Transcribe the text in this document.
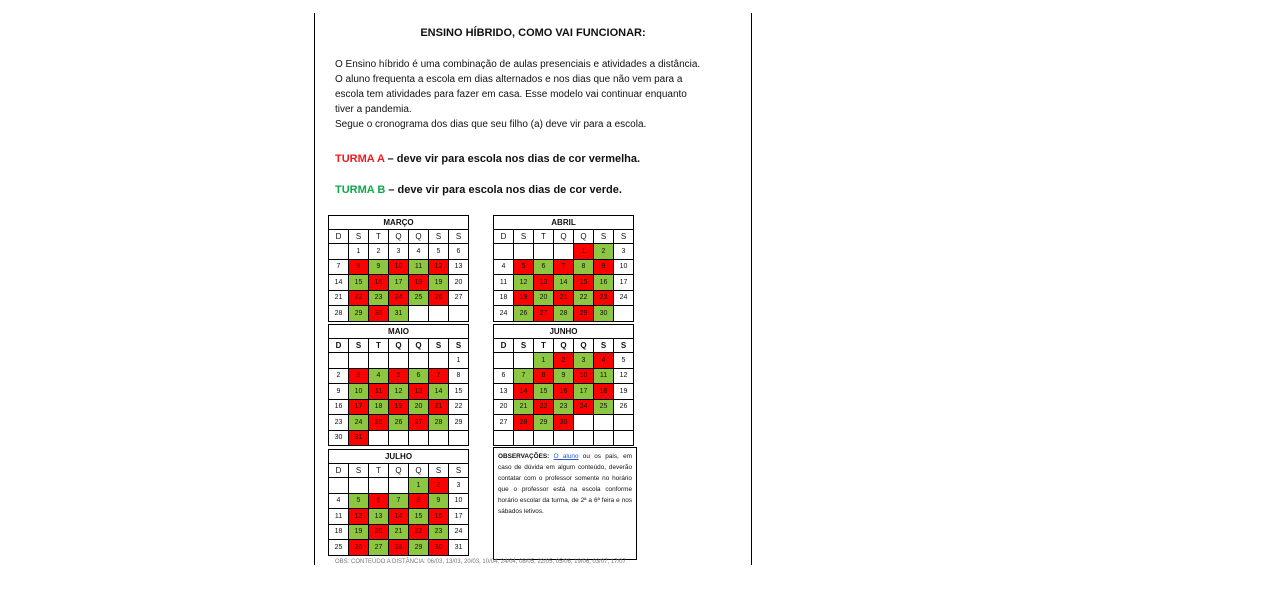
ENSINO HÍBRIDO, COMO VAI FUNCIONAR:
O Ensino híbrido é uma combinação de aulas presenciais e atividades a distância.
O aluno frequenta a escola em dias alternados e nos dias que não vem para a
escola tem atividades para fazer em casa. Esse modelo vai continuar enquanto
tiver a pandemia.
Segue o cronograma dos dias que seu filho (a) deve vir para a escola.
TURMA A – deve vir para escola nos dias de cor vermelha.
TURMA B – deve vir para escola nos dias de cor verde.
MARÇO						
D	S	T	Q	Q	S	S
	1	2	3	4	5	6
7	8	9	10	11	12	13
14	15	16	17	18	19	20
21	22	23	24	25	26	27
28	29	30	31			
ABRIL						
D	S	T	Q	Q	S	S
				1	2	3
4	5	6	7	8	9	10
11	12	13	14	15	16	17
18	19	20	21	22	23	24
24	26	27	28	29	30	
MAIO						
D	S	T	Q	Q	S	S
						1
2	3	4	5	6	7	8
9	10	11	12	13	14	15
16	17	18	19	20	21	22
23	24	25	26	27	28	29
30	31					
JUNHO						
D	S	T	Q	Q	S	S
		1	2	3	4	5
6	7	8	9	10	11	12
13	14	15	16	17	18	19
20	21	22	23	24	25	26
27	28	29	30			

JULHO						
D	S	T	Q	Q	S	S
				1	2	3
4	5	6	7	8	9	10
11	12	13	14	15	16	17
18	19	20	21	22	23	24
25	26	27	28	29	30	31
OBSERVAÇÕES: O aluno ou os pais, em caso de dúvida em algum conteúdo, deverão contatar com o professor somente no horário que o professor está na escola conforme horário escolar da turma, de 2ª a 6ª feira e nos sábados letivos.
OBS: CONTEÚDO A DISTÂNCIA: 06/03, 13/03, 20/03, 10/04, 24/04, 08/05, 22/05, 05/06, 19/06, 03/07, 17/07
